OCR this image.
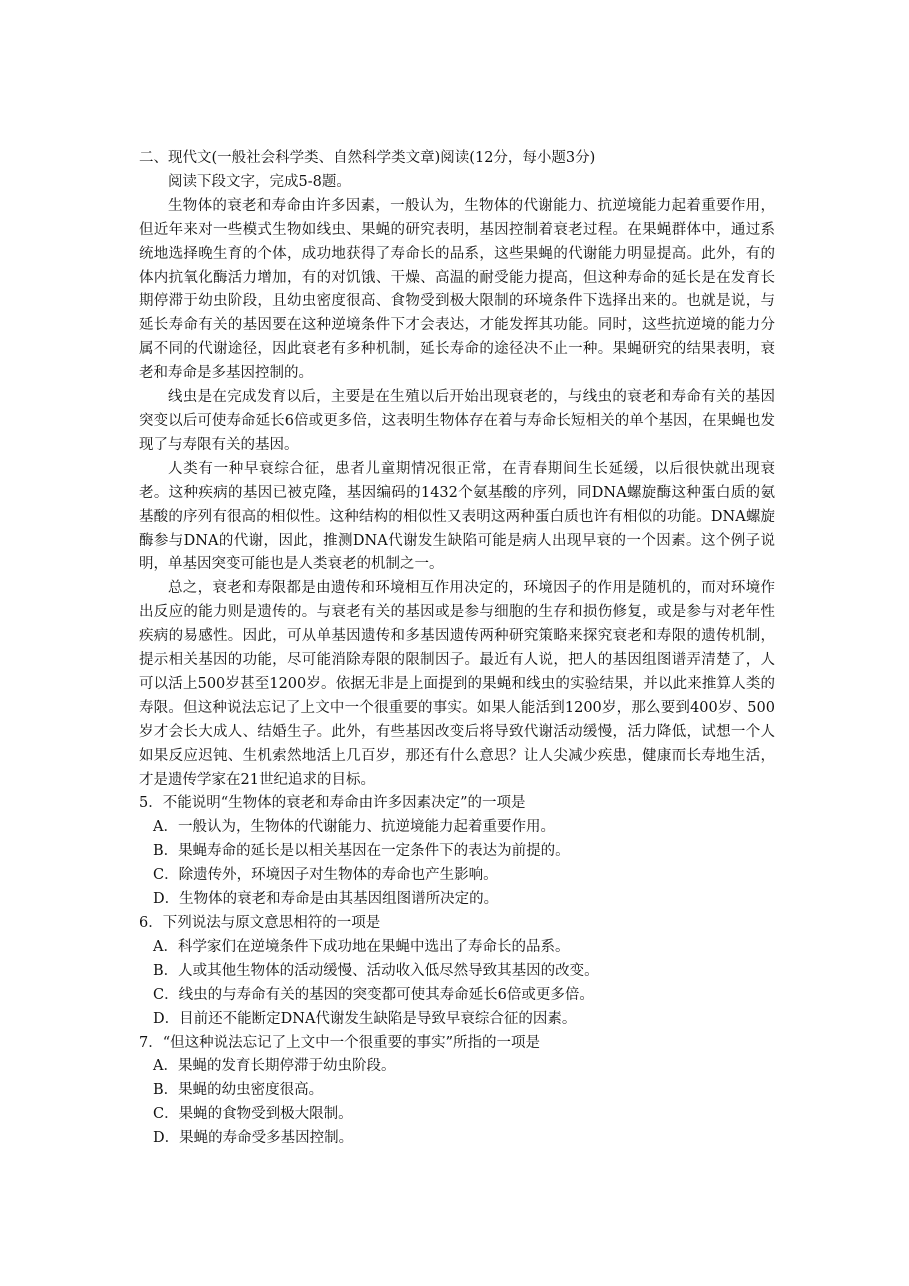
二、现代文(一般社会科学类、自然科学类文章)阅读(12分，每小题3分)

阅读下段文字，完成5-8题。

生物体的衰老和寿命由许多因素，一般认为，生物体的代谢能力、抗逆境能力起着重要作用，但近年来对一些模式生物如线虫、果蝇的研究表明，基因控制着衰老过程。在果蝇群体中，通过系统地选择晚生育的个体，成功地获得了寿命长的品系，这些果蝇的代谢能力明显提高。此外，有的体内抗氧化酶活力增加，有的对饥饿、干燥、高温的耐受能力提高，但这种寿命的延长是在发育长期停滞于幼虫阶段，且幼虫密度很高、食物受到极大限制的环境条件下选择出来的。也就是说，与延长寿命有关的基因要在这种逆境条件下才会表达，才能发挥其功能。同时，这些抗逆境的能力分属不同的代谢途径，因此衰老有多种机制，延长寿命的途径决不止一种。果蝇研究的结果表明，衰老和寿命是多基因控制的。

线虫是在完成发育以后，主要是在生殖以后开始出现衰老的，与线虫的衰老和寿命有关的基因突变以后可使寿命延长6倍或更多倍，这表明生物体存在着与寿命长短相关的单个基因，在果蝇也发现了与寿限有关的基因。

人类有一种早衰综合征，患者儿童期情况很正常，在青春期间生长延缓，以后很快就出现衰老。这种疾病的基因已被克隆，基因编码的1432个氨基酸的序列，同DNA螺旋酶这种蛋白质的氨基酸的序列有很高的相似性。这种结构的相似性又表明这两种蛋白质也许有相似的功能。DNA螺旋酶参与DNA的代谢，因此，推测DNA代谢发生缺陷可能是病人出现早衰的一个因素。这个例子说明，单基因突变可能也是人类衰老的机制之一。

总之，衰老和寿限都是由遗传和环境相互作用决定的，环境因子的作用是随机的，而对环境作出反应的能力则是遗传的。与衰老有关的基因或是参与细胞的生存和损伤修复，或是参与对老年性疾病的易感性。因此，可从单基因遗传和多基因遗传两种研究策略来探究衰老和寿限的遗传机制，提示相关基因的功能，尽可能消除寿限的限制因子。最近有人说，把人的基因组图谱弄清楚了，人可以活上500岁甚至1200岁。依据无非是上面提到的果蝇和线虫的实验结果，并以此来推算人类的寿限。但这种说法忘记了上文中一个很重要的事实。如果人能活到1200岁，那么要到400岁、500岁才会长大成人、结婚生子。此外，有些基因改变后将导致代谢活动缓慢，活力降低，试想一个人如果反应迟钝、生机索然地活上几百岁，那还有什么意思？让人尖减少疾患，健康而长寿地生活，才是遗传学家在21世纪追求的目标。

5．不能说明“生物体的衰老和寿命由许多因素决定”的一项是

A．一般认为，生物体的代谢能力、抗逆境能力起着重要作用。

B．果蝇寿命的延长是以相关基因在一定条件下的表达为前提的。

C．除遗传外，环境因子对生物体的寿命也产生影响。

D．生物体的衰老和寿命是由其基因组图谱所决定的。

6．下列说法与原文意思相符的一项是

A．科学家们在逆境条件下成功地在果蝇中选出了寿命长的品系。

B．人或其他生物体的活动缓慢、活动收入低尽然导致其基因的改变。

C．线虫的与寿命有关的基因的突变都可使其寿命延长6倍或更多倍。

D．目前还不能断定DNA代谢发生缺陷是导致早衰综合征的因素。

7．“但这种说法忘记了上文中一个很重要的事实”所指的一项是

A．果蝇的发育长期停滞于幼虫阶段。

B．果蝇的幼虫密度很高。

C．果蝇的食物受到极大限制。

D．果蝇的寿命受多基因控制。
